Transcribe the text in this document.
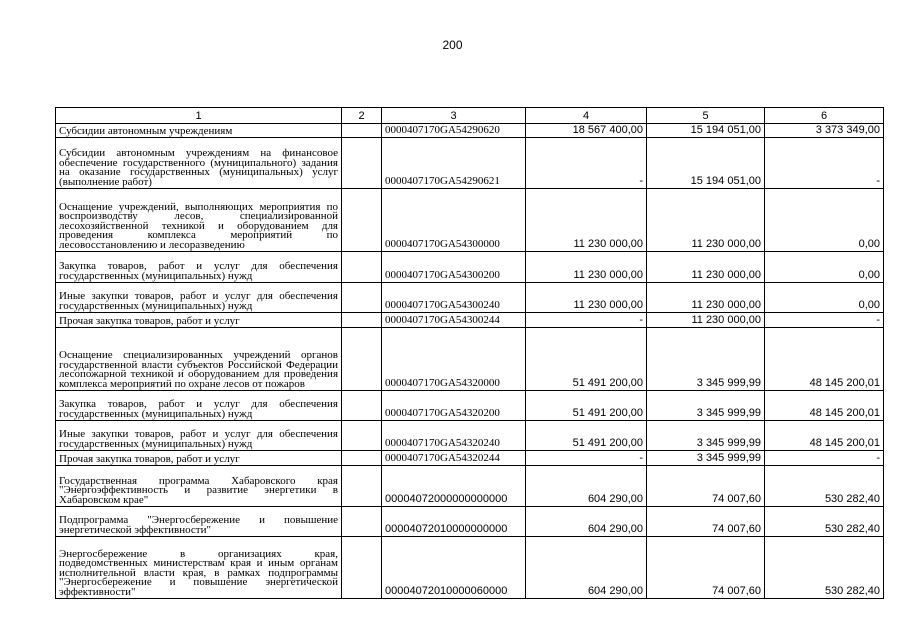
200
1	2	3	4	5	6
Субсидии автономным учреждениям		0000407170GA54290620	18 567 400,00	15 194 051,00	3 373 349,00
Субсидии автономным учреждениям на финансовое обеспечение государственного (муниципального) задания на оказание государственных (муниципальных) услуг (выполнение работ)		0000407170GA54290621	-	15 194 051,00	-
Оснащение учреждений, выполняющих мероприятия по воспроизводству лесов, специализированной лесохозяйственной техникой и оборудованием для проведения комплекса мероприятий по лесовосстановлению и лесоразведению		0000407170GA54300000	11 230 000,00	11 230 000,00	0,00
Закупка товаров, работ и услуг для обеспечения государственных (муниципальных) нужд		0000407170GA54300200	11 230 000,00	11 230 000,00	0,00
Иные закупки товаров, работ и услуг для обеспечения государственных (муниципальных) нужд		0000407170GA54300240	11 230 000,00	11 230 000,00	0,00
Прочая закупка товаров, работ и услуг		0000407170GA54300244	-	11 230 000,00	-
Оснащение специализированных учреждений органов государственной власти субъектов Российской Федерации лесопожарной техникой и оборудованием для проведения комплекса мероприятий по охране лесов от пожаров		0000407170GA54320000	51 491 200,00	3 345 999,99	48 145 200,01
Закупка товаров, работ и услуг для обеспечения государственных (муниципальных) нужд		0000407170GA54320200	51 491 200,00	3 345 999,99	48 145 200,01
Иные закупки товаров, работ и услуг для обеспечения государственных (муниципальных) нужд		0000407170GA54320240	51 491 200,00	3 345 999,99	48 145 200,01
Прочая закупка товаров, работ и услуг		0000407170GA54320244	-	3 345 999,99	-
Государственная программа Хабаровского края "Энергоэффективность и развитие энергетики в Хабаровском крае"		00004072000000000000	604 290,00	74 007,60	530 282,40
Подпрограмма "Энергосбережение и повышение энергетической эффективности"		00004072010000000000	604 290,00	74 007,60	530 282,40
Энергосбережение в организациях края, подведомственных министерствам края и иным органам исполнительной власти края, в рамках подпрограммы "Энергосбережение и повышение энергетической эффективности"		00004072010000060000	604 290,00	74 007,60	530 282,40
